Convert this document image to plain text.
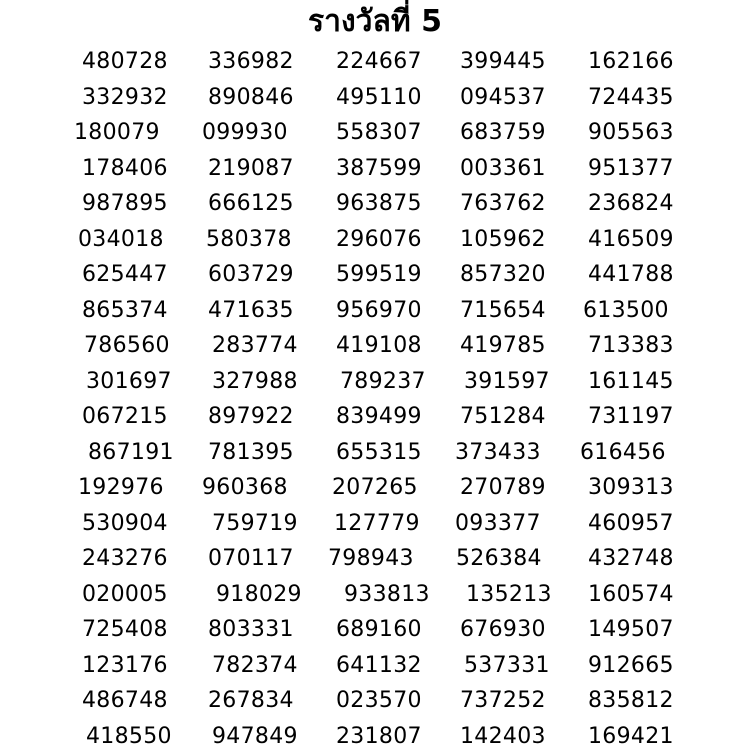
รางวัลที่ 5
480728 336982 224667 399445 162166
332932 890846 495110 094537 724435
180079 099930 558307 683759 905563
178406 219087 387599 003361 951377
987895 666125 963875 763762 236824
034018 580378 296076 105962 416509
625447 603729 599519 857320 441788
865374 471635 956970 715654 613500
786560 283774 419108 419785 713383
301697 327988 789237 391597 161145
067215 897922 839499 751284 731197
867191 781395 655315 373433 616456
192976 960368 207265 270789 309313
530904 759719 127779 093377 460957
243276 070117 798943 526384 432748
020005 918029 933813 135213 160574
725408 803331 689160 676930 149507
123176 782374 641132 537331 912665
486748 267834 023570 737252 835812
418550 947849 231807 142403 169421
